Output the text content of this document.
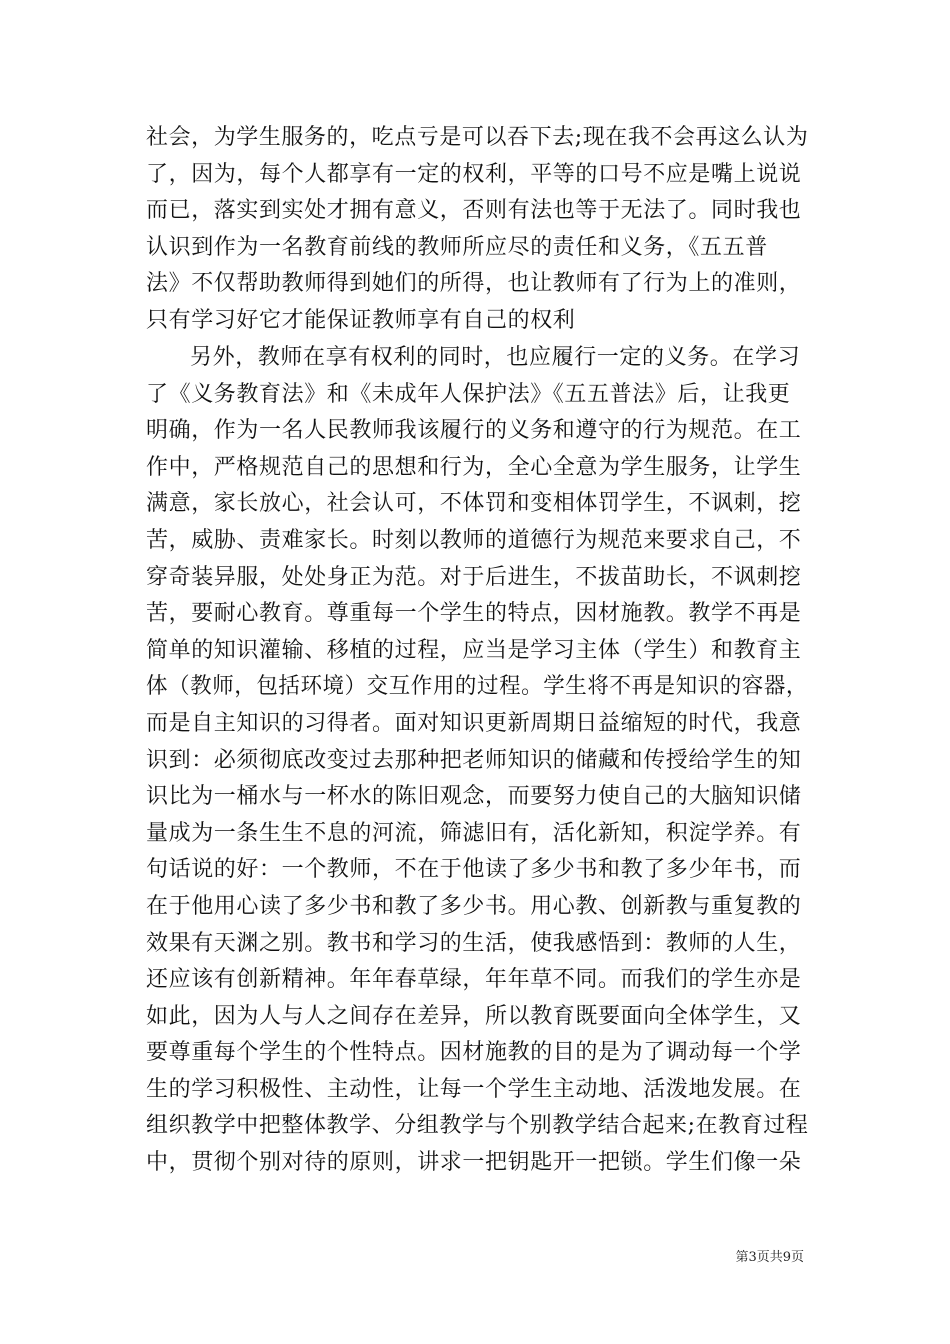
社会，为学生服务的，吃点亏是可以吞下去;现在我不会再这么认为
了，因为，每个人都享有一定的权利，平等的口号不应是嘴上说说
而已，落实到实处才拥有意义，否则有法也等于无法了。同时我也
认识到作为一名教育前线的教师所应尽的责任和义务，《五五普
法》不仅帮助教师得到她们的所得，也让教师有了行为上的准则，
只有学习好它才能保证教师享有自己的权利
另外，教师在享有权利的同时，也应履行一定的义务。在学习
了《义务教育法》和《未成年人保护法》《五五普法》后，让我更
明确，作为一名人民教师我该履行的义务和遵守的行为规范。在工
作中，严格规范自己的思想和行为，全心全意为学生服务，让学生
满意，家长放心，社会认可，不体罚和变相体罚学生，不讽刺，挖
苦，威胁、责难家长。时刻以教师的道德行为规范来要求自己，不
穿奇装异服，处处身正为范。对于后进生，不拔苗助长，不讽刺挖
苦，要耐心教育。尊重每一个学生的特点，因材施教。教学不再是
简单的知识灌输、移植的过程，应当是学习主体（学生）和教育主
体（教师，包括环境）交互作用的过程。学生将不再是知识的容器，
而是自主知识的习得者。面对知识更新周期日益缩短的时代，我意
识到：必须彻底改变过去那种把老师知识的储藏和传授给学生的知
识比为一桶水与一杯水的陈旧观念，而要努力使自己的大脑知识储
量成为一条生生不息的河流，筛滤旧有，活化新知，积淀学养。有
句话说的好：一个教师，不在于他读了多少书和教了多少年书，而
在于他用心读了多少书和教了多少书。用心教、创新教与重复教的
效果有天渊之别。教书和学习的生活，使我感悟到：教师的人生，
还应该有创新精神。年年春草绿，年年草不同。而我们的学生亦是
如此，因为人与人之间存在差异，所以教育既要面向全体学生，又
要尊重每个学生的个性特点。因材施教的目的是为了调动每一个学
生的学习积极性、主动性，让每一个学生主动地、活泼地发展。在
组织教学中把整体教学、分组教学与个别教学结合起来;在教育过程
中，贯彻个别对待的原则，讲求一把钥匙开一把锁。学生们像一朵
第3页共9页
